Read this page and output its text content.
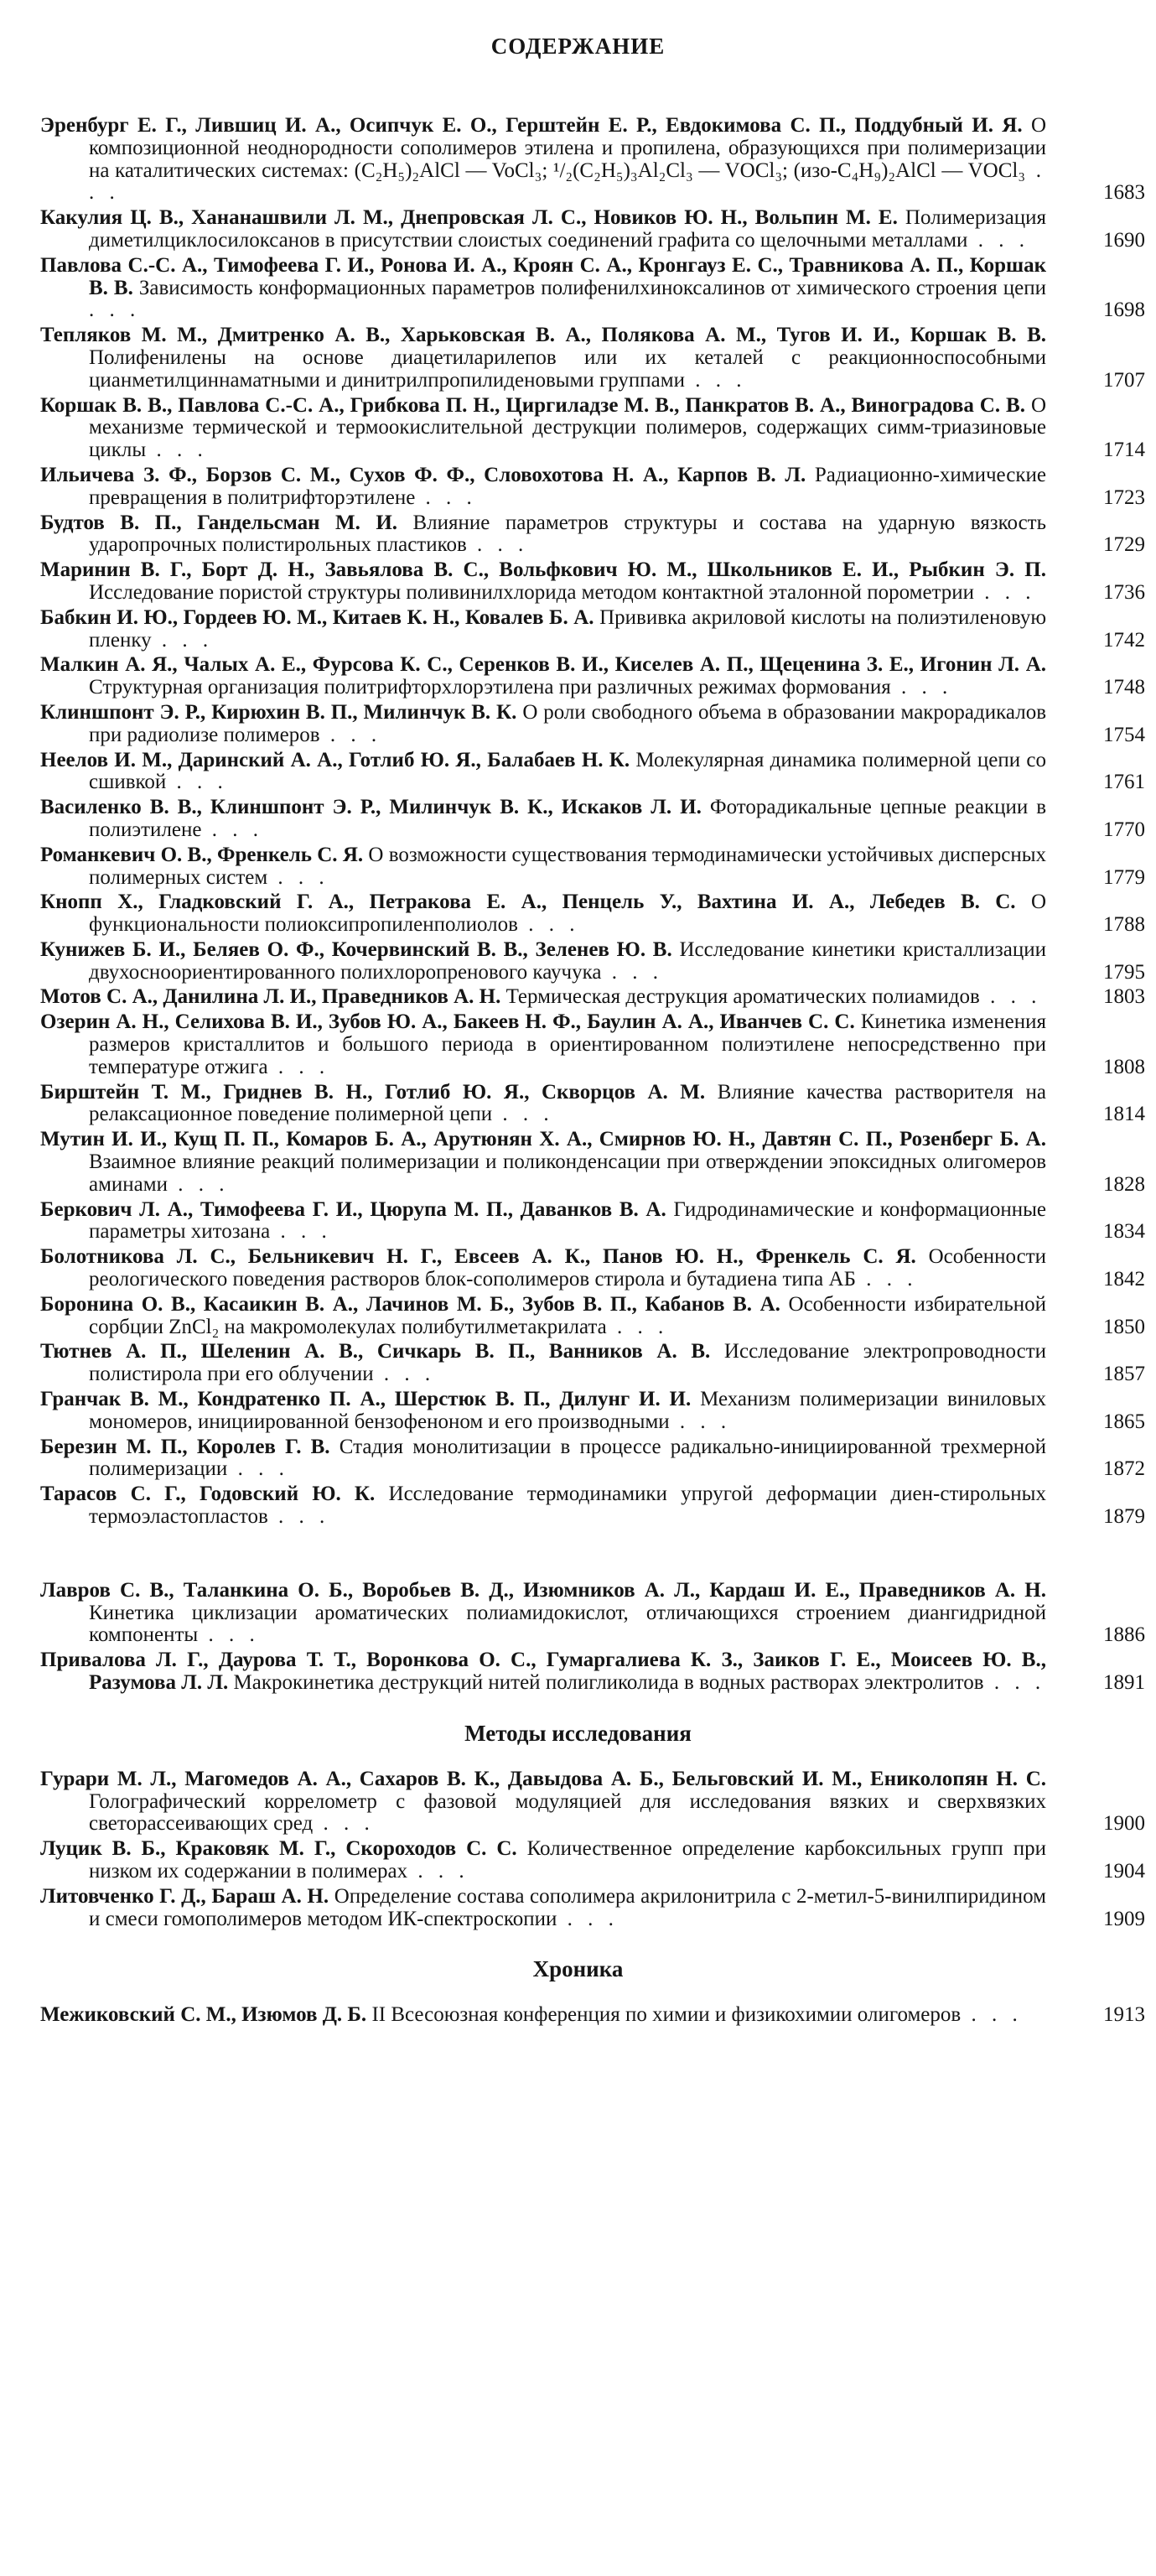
СОДЕРЖАНИЕ
Эренбург Е. Г., Лившиц И. А., Осипчук Е. О., Герштейн Е. Р., Евдокимова С. П., Поддубный И. Я. О композиционной неоднородности сополимеров этилена и пропилена, образующихся при полимеризации на каталитических системах: (C₂H₅)₂AlCl — VoCl₃; ¹/₂(C₂H₅)₃Al₂Cl₃ — VOCl₃; (изо-C₄H₉)₂AlCl — VOCl₃ . . .	1683
Какулия Ц. В., Хананашвили Л. М., Днепровская Л. С., Новиков Ю. Н., Вольпин М. Е. Полимеризация диметилциклосилоксанов в присутствии слоистых соединений графита со щелочными металлами . . .	1690
Павлова С.-С. А., Тимофеева Г. И., Ронова И. А., Кроян С. А., Кронгауз Е. С., Травникова А. П., Коршак В. В. Зависимость конформационных параметров полифенилхиноксалинов от химического строения цепи . . .	1698
Тепляков М. М., Дмитренко А. В., Харьковская В. А., Полякова А. М., Тугов И. И., Коршак В. В. Полифенилены на основе диацетиларилепов или их кеталей с реакционноспособными цианметилциннаматными и динитрилпропилиденовыми группами . . .	1707
Коршак В. В., Павлова С.-С. А., Грибкова П. Н., Циргиладзе М. В., Панкратов В. А., Виноградова С. В. О механизме термической и термоокислительной деструкции полимеров, содержащих симм-триазиновые циклы . . .	1714
Ильичева З. Ф., Борзов С. М., Сухов Ф. Ф., Словохотова Н. А., Карпов В. Л. Радиационно-химические превращения в политрифторэтилене . . .	1723
Будтов В. П., Гандельсман М. И. Влияние параметров структуры и состава на ударную вязкость ударопрочных полистирольных пластиков . . .	1729
Маринин В. Г., Борт Д. Н., Завьялова В. С., Вольфкович Ю. М., Школьников Е. И., Рыбкин Э. П. Исследование пористой структуры поливинилхлорида методом контактной эталонной порометрии . . .	1736
Бабкин И. Ю., Гордеев Ю. М., Китаев К. Н., Ковалев Б. А. Прививка акриловой кислоты на полиэтиленовую пленку . . .	1742
Малкин А. Я., Чалых А. Е., Фурсова К. С., Серенков В. И., Киселев А. П., Щеценина З. Е., Игонин Л. А. Структурная организация политрифторхлорэтилена при различных режимах формования . . .	1748
Клиншпонт Э. Р., Кирюхин В. П., Милинчук В. К. О роли свободного объема в образовании макрорадикалов при радиолизе полимеров . . .	1754
Неелов И. М., Даринский А. А., Готлиб Ю. Я., Балабаев Н. К. Молекулярная динамика полимерной цепи со сшивкой . . .	1761
Василенко В. В., Клиншпонт Э. Р., Милинчук В. К., Искаков Л. И. Фоторадикальные цепные реакции в полиэтилене . . .	1770
Романкевич О. В., Френкель С. Я. О возможности существования термодинамически устойчивых дисперсных полимерных систем . . .	1779
Кнопп Х., Гладковский Г. А., Петракова Е. А., Пенцель У., Вахтина И. А., Лебедев В. С. О функциональности полиоксипропиленполиолов . . .	1788
Кунижев Б. И., Беляев О. Ф., Кочервинский В. В., Зеленев Ю. В. Исследование кинетики кристаллизации двухосноориентированного полихлоропренового каучука . . .	1795
Мотов С. А., Данилина Л. И., Праведников А. Н. Термическая деструкция ароматических полиамидов . . .	1803
Озерин А. Н., Селихова В. И., Зубов Ю. А., Бакеев Н. Ф., Баулин А. А., Иванчев С. С. Кинетика изменения размеров кристаллитов и большого периода в ориентированном полиэтилене непосредственно при температуре отжига . . .	1808
Бирштейн Т. М., Гриднев В. Н., Готлиб Ю. Я., Скворцов А. М. Влияние качества растворителя на релаксационное поведение полимерной цепи . . .	1814
Мутин И. И., Кущ П. П., Комаров Б. А., Арутюнян Х. А., Смирнов Ю. Н., Давтян С. П., Розенберг Б. А. Взаимное влияние реакций полимеризации и поликонденсации при отверждении эпоксидных олигомеров аминами . . .	1828
Беркович Л. А., Тимофеева Г. И., Цюрупа М. П., Даванков В. А. Гидродинамические и конформационные параметры хитозана . . .	1834
Болотникова Л. С., Бельникевич Н. Г., Евсеев А. К., Панов Ю. Н., Френкель С. Я. Особенности реологического поведения растворов блок-сополимеров стирола и бутадиена типа АБ . . .	1842
Боронина О. В., Касаикин В. А., Лачинов М. Б., Зубов В. П., Кабанов В. А. Особенности избирательной сорбции ZnCl₂ на макромолекулах полибутилметакрилата . . .	1850
Тютнев А. П., Шеленин А. В., Сичкарь В. П., Ванников А. В. Исследование электропроводности полистирола при его облучении . . .	1857
Гранчак В. М., Кондратенко П. А., Шерстюк В. П., Дилунг И. И. Механизм полимеризации виниловых мономеров, инициированной бензофеноном и его производными . . .	1865
Березин М. П., Королев Г. В. Стадия монолитизации в процессе радикально-инициированной трехмерной полимеризации . . .	1872
Тарасов С. Г., Годовский Ю. К. Исследование термодинамики упругой деформации диен-стирольных термоэластопластов . . .	1879
Лавров С. В., Таланкина О. Б., Воробьев В. Д., Изюмников А. Л., Кардаш И. Е., Праведников А. Н. Кинетика циклизации ароматических полиамидокислот, отличающихся строением диангидридной компоненты . . .	1886
Привалова Л. Г., Даурова Т. Т., Воронкова О. С., Гумаргалиева К. З., Заиков Г. Е., Моисеев Ю. В., Разумова Л. Л. Макрокинетика деструкций нитей полигликолида в водных растворах электролитов . . .	1891
Методы исследования
Гурари М. Л., Магомедов А. А., Сахаров В. К., Давыдова А. Б., Бельговский И. М., Ениколопян Н. С. Голографический коррелометр с фазовой модуляцией для исследования вязких и сверхвязких светорассеивающих сред . . .	1900
Луцик В. Б., Краковяк М. Г., Скороходов С. С. Количественное определение карбоксильных групп при низком их содержании в полимерах . . .	1904
Литовченко Г. Д., Бараш А. Н. Определение состава сополимера акрилонитрила с 2-метил-5-винилпиридином и смеси гомополимеров методом ИК-спектроскопии . . .	1909
Хроника
Межиковский С. М., Изюмов Д. Б. II Всесоюзная конференция по химии и физикохимии олигомеров . . .	1913
